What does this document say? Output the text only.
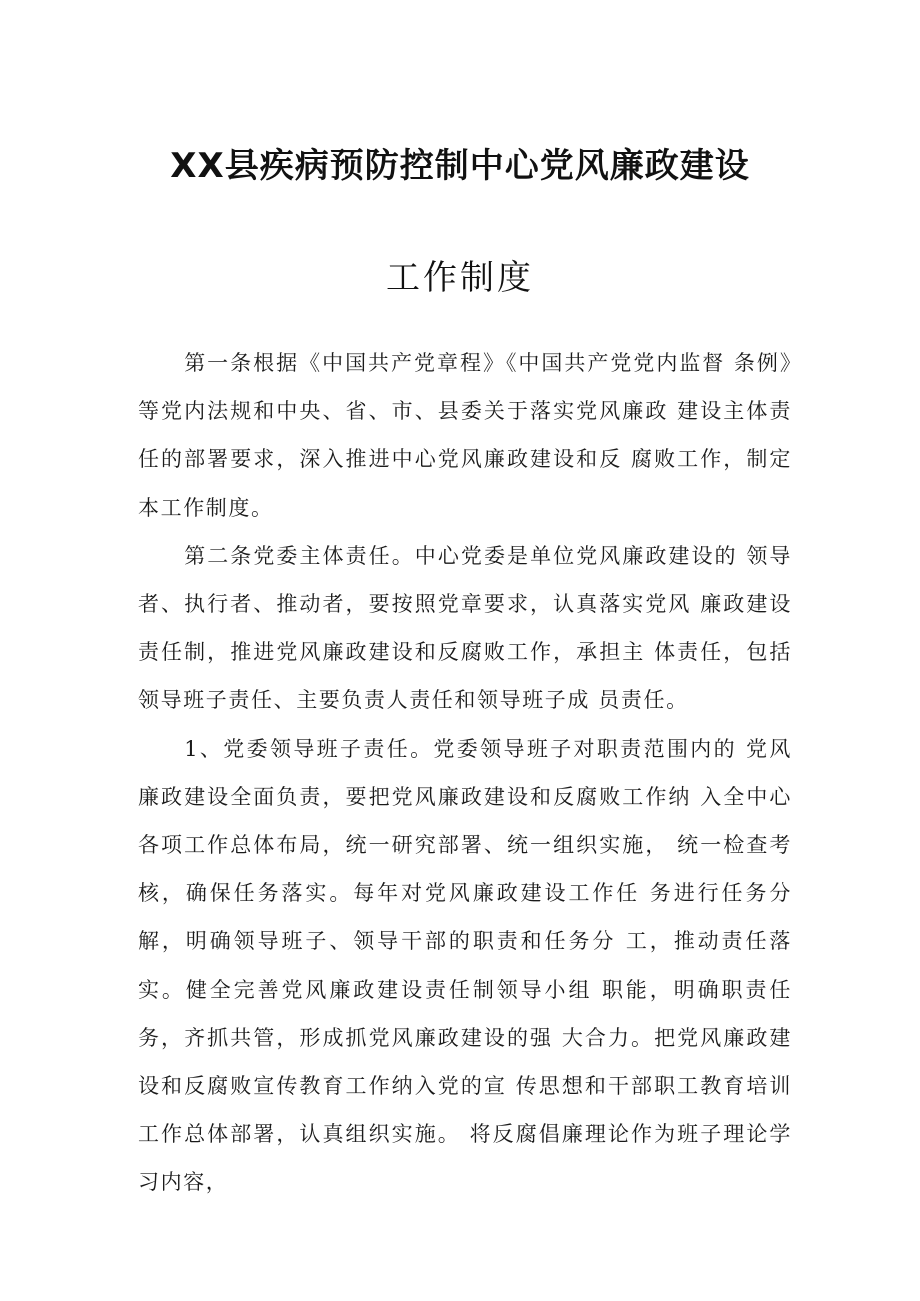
XX县疾病预防控制中心党风廉政建设
工作制度

第一条根据《中国共产党章程》《中国共产党党内监督 条例》等党内法规和中央、省、市、县委关于落实党风廉政 建设主体责任的部署要求，深入推进中心党风廉政建设和反 腐败工作，制定本工作制度。

第二条党委主体责任。中心党委是单位党风廉政建设的 领导者、执行者、推动者，要按照党章要求，认真落实党风 廉政建设责任制，推进党风廉政建设和反腐败工作，承担主 体责任，包括领导班子责任、主要负责人责任和领导班子成 员责任。

1、党委领导班子责任。党委领导班子对职责范围内的 党风廉政建设全面负责，要把党风廉政建设和反腐败工作纳 入全中心各项工作总体布局，统一研究部署、统一组织实施， 统一检查考核，确保任务落实。每年对党风廉政建设工作任 务进行任务分解，明确领导班子、领导干部的职责和任务分 工，推动责任落实。健全完善党风廉政建设责任制领导小组 职能，明确职责任务，齐抓共管，形成抓党风廉政建设的强 大合力。把党风廉政建设和反腐败宣传教育工作纳入党的宣 传思想和干部职工教育培训工作总体部署，认真组织实施。 将反腐倡廉理论作为班子理论学习内容，
